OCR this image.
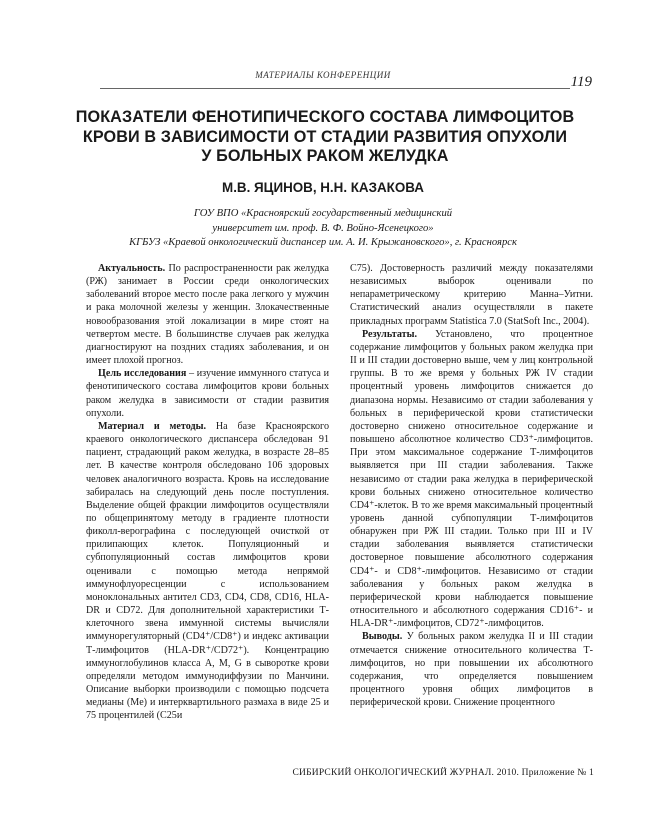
МАТЕРИАЛЫ КОНФЕРЕНЦИИ	119
ПОКАЗАТЕЛИ ФЕНОТИПИЧЕСКОГО СОСТАВА ЛИМФОЦИТОВ
КРОВИ В ЗАВИСИМОСТИ ОТ СТАДИИ РАЗВИТИЯ ОПУХОЛИ
У БОЛЬНЫХ РАКОМ ЖЕЛУДКА
М.В. ЯЦИНОВ, Н.Н. КАЗАКОВА
ГОУ ВПО «Красноярский государственный медицинский
университет им. проф. В. Ф. Войно-Ясенецкого»
КГБУЗ «Краевой онкологический диспансер им. А. И. Крыжановского», г. Красноярск

Актуальность. По распространенности рак желудка (РЖ) занимает в России среди онкологических заболеваний второе место после рака легкого у мужчин и рака молочной железы у женщин. Злокачественные новообразования этой локализации в мире стоят на четвертом месте. В большинстве случаев рак желудка диагностируют на поздних стадиях заболевания, и он имеет плохой прогноз.

Цель исследования – изучение иммунного статуса и фенотипического состава лимфоцитов крови больных раком желудка в зависимости от стадии развития опухоли.

Материал и методы. На базе Красноярского краевого онкологического диспансера обследован 91 пациент, страдающий раком желудка, в возрасте 28–85 лет. В качестве контроля обследовано 106 здоровых человек аналогичного возраста. Кровь на исследование забиралась на следующий день после поступления. Выделение общей фракции лимфоцитов осуществляли по общепринятому методу в градиенте плотности фиколл-верографина с последующей очисткой от прилипающих клеток. Популяционный и субпопуляционный состав лимфоцитов крови оценивали с помощью метода непрямой иммунофлуоресценции с использованием моноклональных антител CD3, CD4, CD8, CD16, HLA-DR и CD72. Для дополнительной характеристики Т-клеточного звена иммунной системы вычисляли иммунорегуляторный (CD4⁺/CD8⁺) и индекс активации Т-лимфоцитов (HLA-DR⁺/CD72⁺). Концентрацию иммуноглобулинов класса A, M, G в сыворотке крови определяли методом иммунодиффузии по Манчини. Описание выборки производили с помощью подсчета медианы (Me) и интерквартильного размаха в виде 25 и 75 процентилей (C25и

C75). Достоверность различий между показателями независимых выборок оценивали по непараметрическому критерию Манна–Уитни. Статистический анализ осуществляли в пакете прикладных программ Statistica 7.0 (StatSoft Inc., 2004).

Результаты. Установлено, что процентное содержание лимфоцитов у больных раком желудка при II и III стадии достоверно выше, чем у лиц контрольной группы. В то же время у больных РЖ IV стадии процентный уровень лимфоцитов снижается до диапазона нормы. Независимо от стадии заболевания у больных в периферической крови статистически достоверно снижено относительное содержание и повышено абсолютное количество CD3⁺-лимфоцитов. При этом максимальное содержание Т-лимфоцитов выявляется при III стадии заболевания. Также независимо от стадии рака желудка в периферической крови больных снижено относительное количество CD4⁺-клеток. В то же время максимальный процентный уровень данной субпопуляции Т-лимфоцитов обнаружен при РЖ III стадии. Только при III и IV стадии заболевания выявляется статистически достоверное повышение абсолютного содержания CD4⁺- и CD8⁺-лимфоцитов. Независимо от стадии заболевания у больных раком желудка в периферической крови наблюдается повышение относительного и абсолютного содержания CD16⁺- и HLA-DR⁺-лимфоцитов, CD72⁺-лимфоцитов.

Выводы. У больных раком желудка II и III стадии отмечается снижение относительного количества Т-лимфоцитов, но при повышении их абсолютного содержания, что определяется повышением процентного уровня общих лимфоцитов в периферической крови. Снижение процентного

СИБИРСКИЙ ОНКОЛОГИЧЕСКИЙ ЖУРНАЛ. 2010. Приложение № 1
